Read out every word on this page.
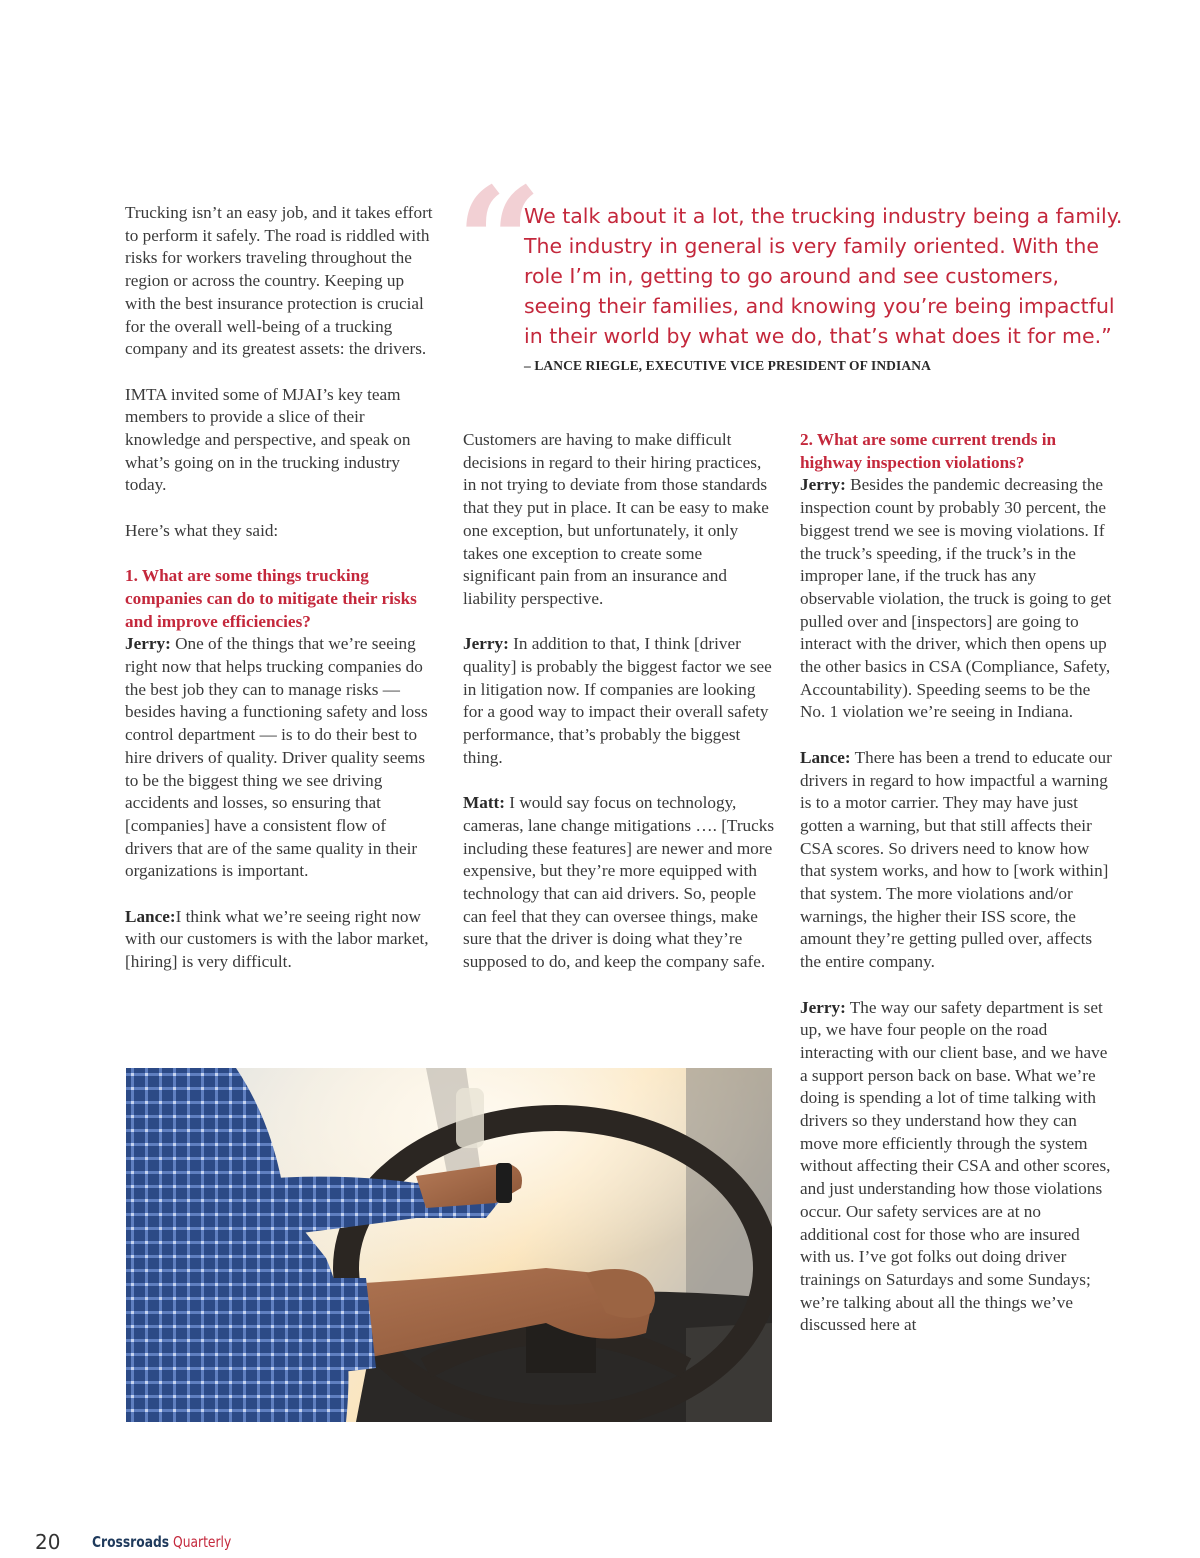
“
We talk about it a lot, the trucking industry being a family. The industry in general is very family oriented. With the role I’m in, getting to go around and see customers, seeing their families, and knowing you’re being impactful in their world by what we do, that’s what does it for me.”
– LANCE RIEGLE, EXECUTIVE VICE PRESIDENT OF INDIANA

Trucking isn’t an easy job, and it takes effort to perform it safely. The road is riddled with risks for workers traveling throughout the region or across the country. Keeping up with the best insurance protection is crucial for the overall well-being of a trucking company and its greatest assets: the drivers.

IMTA invited some of MJAI’s key team members to provide a slice of their knowledge and perspective, and speak on what’s going on in the trucking industry today.

Here’s what they said:

1. What are some things trucking companies can do to mitigate their risks and improve efficiencies?
Jerry: One of the things that we’re seeing right now that helps trucking companies do the best job they can to manage risks — besides having a functioning safety and loss control department — is to do their best to hire drivers of quality. Driver quality seems to be the biggest thing we see driving accidents and losses, so ensuring that [companies] have a consistent flow of drivers that are of the same quality in their organizations is important.

Lance:I think what we’re seeing right now with our customers is with the labor market, [hiring] is very difficult.

Customers are having to make difficult decisions in regard to their hiring practices, in not trying to deviate from those standards that they put in place. It can be easy to make one exception, but unfortunately, it only takes one exception to create some significant pain from an insurance and liability perspective.

Jerry: In addition to that, I think [driver quality] is probably the biggest factor we see in litigation now. If companies are looking for a good way to impact their overall safety performance, that’s probably the biggest thing.

Matt: I would say focus on technology, cameras, lane change mitigations …. [Trucks including these features] are newer and more expensive, but they’re more equipped with technology that can aid drivers. So, people can feel that they can oversee things, make sure that the driver is doing what they’re supposed to do, and keep the company safe.

2. What are some current trends in highway inspection violations?
Jerry: Besides the pandemic decreasing the inspection count by probably 30 percent, the biggest trend we see is moving violations. If the truck’s speeding, if the truck’s in the improper lane, if the truck has any observable violation, the truck is going to get pulled over and [inspectors] are going to interact with the driver, which then opens up the other basics in CSA (Compliance, Safety, Accountability). Speeding seems to be the No. 1 violation we’re seeing in Indiana.

Lance: There has been a trend to educate our drivers in regard to how impactful a warning is to a motor carrier. They may have just gotten a warning, but that still affects their CSA scores. So drivers need to know how that system works, and how to [work within] that system. The more violations and/or warnings, the higher their ISS score, the amount they’re getting pulled over, affects the entire company.

Jerry: The way our safety department is set up, we have four people on the road interacting with our client base, and we have a support person back on base. What we’re doing is spending a lot of time talking with drivers so they understand how they can move more efficiently through the system without affecting their CSA and other scores, and just understanding how those violations occur. Our safety services are at no additional cost for those who are insured with us. I’ve got folks out doing driver trainings on Saturdays and some Sundays; we’re talking about all the things we’ve discussed here at

20 Crossroads Quarterly
